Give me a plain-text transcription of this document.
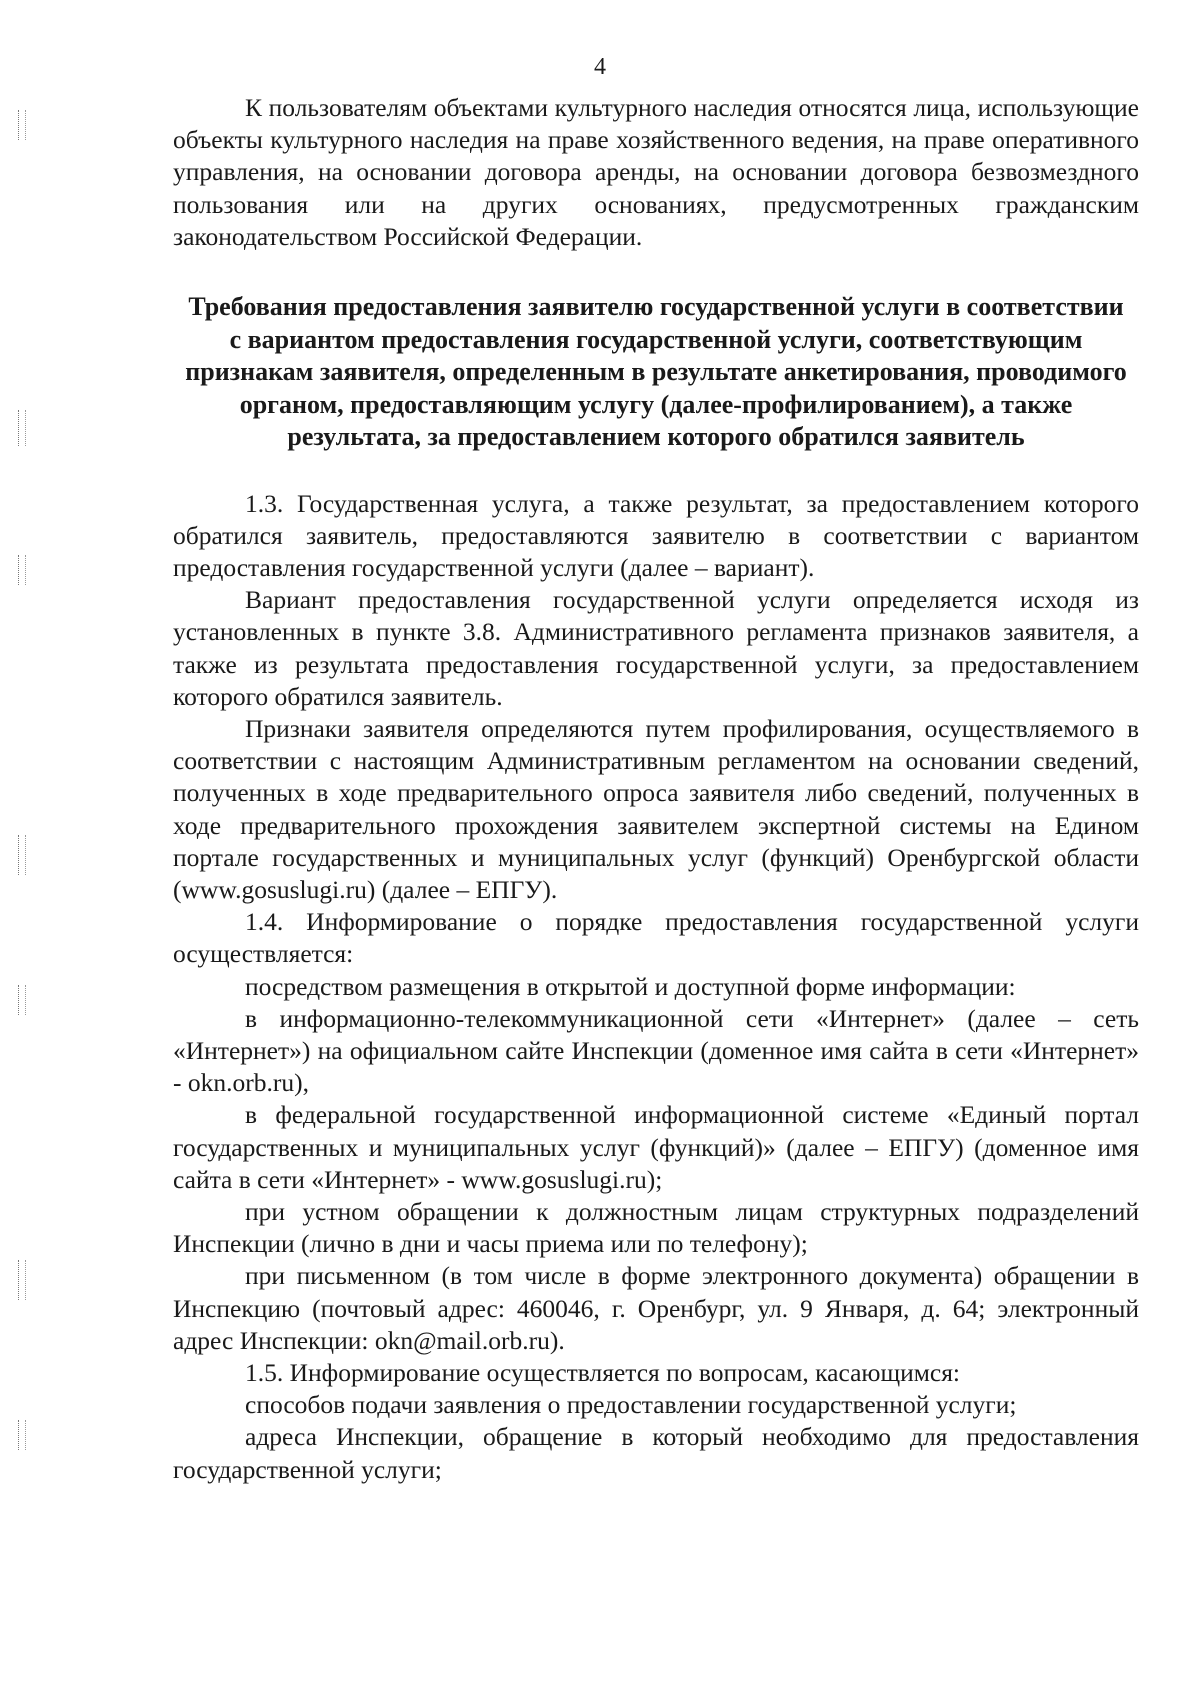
4

К пользователям объектами культурного наследия относятся лица, использующие объекты культурного наследия на праве хозяйственного ведения, на праве оперативного управления, на основании договора аренды, на основании договора безвозмездного пользования или на других основаниях, предусмотренных гражданским законодательством Российской Федерации.

Требования предоставления заявителю государственной услуги в соответствии с вариантом предоставления государственной услуги, соответствующим признакам заявителя, определенным в результате анкетирования, проводимого органом, предоставляющим услугу (далее-профилированием), а также результата, за предоставлением которого обратился заявитель

1.3. Государственная услуга, а также результат, за предоставлением которого обратился заявитель, предоставляются заявителю в соответствии с вариантом предоставления государственной услуги (далее – вариант).

Вариант предоставления государственной услуги определяется исходя из установленных в пункте 3.8. Административного регламента признаков заявителя, а также из результата предоставления государственной услуги, за предоставлением которого обратился заявитель.

Признаки заявителя определяются путем профилирования, осуществляемого в соответствии с настоящим Административным регламентом на основании сведений, полученных в ходе предварительного опроса заявителя либо сведений, полученных в ходе предварительного прохождения заявителем экспертной системы на Едином портале государственных и муниципальных услуг (функций) Оренбургской области (www.gosuslugi.ru) (далее – ЕПГУ).

1.4. Информирование о порядке предоставления государственной услуги осуществляется:

посредством размещения в открытой и доступной форме информации:

в информационно-телекоммуникационной сети «Интернет» (далее – сеть «Интернет») на официальном сайте Инспекции (доменное имя сайта в сети «Интернет» - okn.orb.ru),

в федеральной государственной информационной системе «Единый портал государственных и муниципальных услуг (функций)» (далее – ЕПГУ) (доменное имя сайта в сети «Интернет» - www.gosuslugi.ru);

при устном обращении к должностным лицам структурных подразделений Инспекции (лично в дни и часы приема или по телефону);

при письменном (в том числе в форме электронного документа) обращении в Инспекцию (почтовый адрес: 460046, г. Оренбург, ул. 9 Января, д. 64; электронный адрес Инспекции: okn@mail.orb.ru).

1.5. Информирование осуществляется по вопросам, касающимся:

способов подачи заявления о предоставлении государственной услуги;

адреса Инспекции, обращение в который необходимо для предоставления государственной услуги;
